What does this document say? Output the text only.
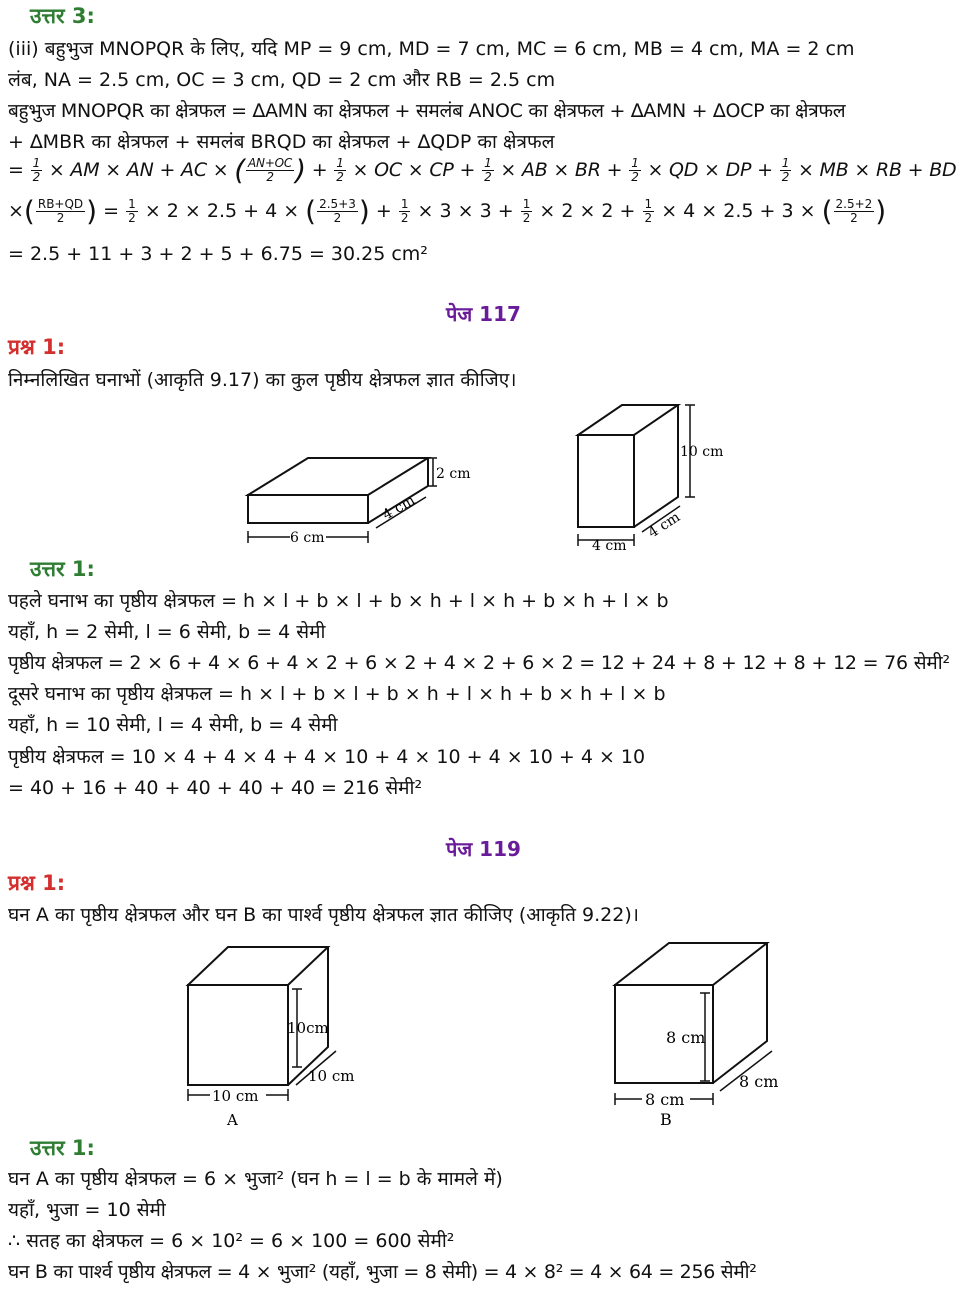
उत्तर 3:
(iii) बहुभुज MNOPQR के लिए, यदि MP = 9 cm, MD = 7 cm, MC = 6 cm, MB = 4 cm, MA = 2 cm
लंब, NA = 2.5 cm, OC = 3 cm, QD = 2 cm और RB = 2.5 cm
बहुभुज MNOPQR का क्षेत्रफल = ∆AMN का क्षेत्रफल + समलंब ANOC का क्षेत्रफल + ∆AMN + ∆OCP का क्षेत्रफल
+ ∆MBR का क्षेत्रफल + समलंब BRQD का क्षेत्रफल + ∆QDP का क्षेत्रफल
= $\frac{1}{2}$ × AM × AN + AC × ( $\frac{AN+OC}{2}$ ) + $\frac{1}{2}$ × OC × CP + $\frac{1}{2}$ × AB × BR + $\frac{1}{2}$ × QD × DP + $\frac{1}{2}$ × MB × RB + BD
×( $\frac{RB+QD}{2}$ ) = $\frac{1}{2} \times 2 \times 2.5 + 4$ × ( $\frac{2.5+3}{2}$ ) + $\frac{1}{2} \times 3 \times 3 + \frac{1}{2} \times 2 \times 2 + \frac{1}{2} \times 4 \times 2.5 + 3$ × ( $\frac{2.5+2}{2}$ )
= 2.5 + 11 + 3 + 2 + 5 + 6.75 = 30.25 cm²
पेज 117
प्रश्न 1:
निम्नलिखित घनाभों (आकृति 9.17) का कुल पृष्ठीय क्षेत्रफल ज्ञात कीजिए।
2 cm
6 cm
4 cm
10 cm
4 cm
4 cm
उत्तर 1:
पहले घनाभ का पृष्ठीय क्षेत्रफल = h × l + b × l + b × h + l × h + b × h + l × b
यहाँ, h = 2 सेमी, l = 6 सेमी, b = 4 सेमी
पृष्ठीय क्षेत्रफल = 2 × 6 + 4 × 6 + 4 × 2 + 6 × 2 + 4 × 2 + 6 × 2 = 12 + 24 + 8 + 12 + 8 + 12 = 76 सेमी²
दूसरे घनाभ का पृष्ठीय क्षेत्रफल = h × l + b × l + b × h + l × h + b × h + l × b
यहाँ, h = 10 सेमी, l = 4 सेमी, b = 4 सेमी
पृष्ठीय क्षेत्रफल = 10 × 4 + 4 × 4 + 4 × 10 + 4 × 10 + 4 × 10 + 4 × 10
= 40 + 16 + 40 + 40 + 40 + 40 = 216 सेमी²
पेज 119
प्रश्न 1:
घन A का पृष्ठीय क्षेत्रफल और घन B का पार्श्व पृष्ठीय क्षेत्रफल ज्ञात कीजिए (आकृति 9.22)।
10cm
10 cm
10 cm
A
8 cm
8 cm
8 cm
B
उत्तर 1:
घन A का पृष्ठीय क्षेत्रफल = 6 × भुजा² (घन h = l = b के मामले में)
यहाँ, भुजा = 10 सेमी
∴ सतह का क्षेत्रफल = 6 × 10² = 6 × 100 = 600 सेमी²
घन B का पार्श्व पृष्ठीय क्षेत्रफल = 4 × भुजा² (यहाँ, भुजा = 8 सेमी) = 4 × 8² = 4 × 64 = 256 सेमी²
